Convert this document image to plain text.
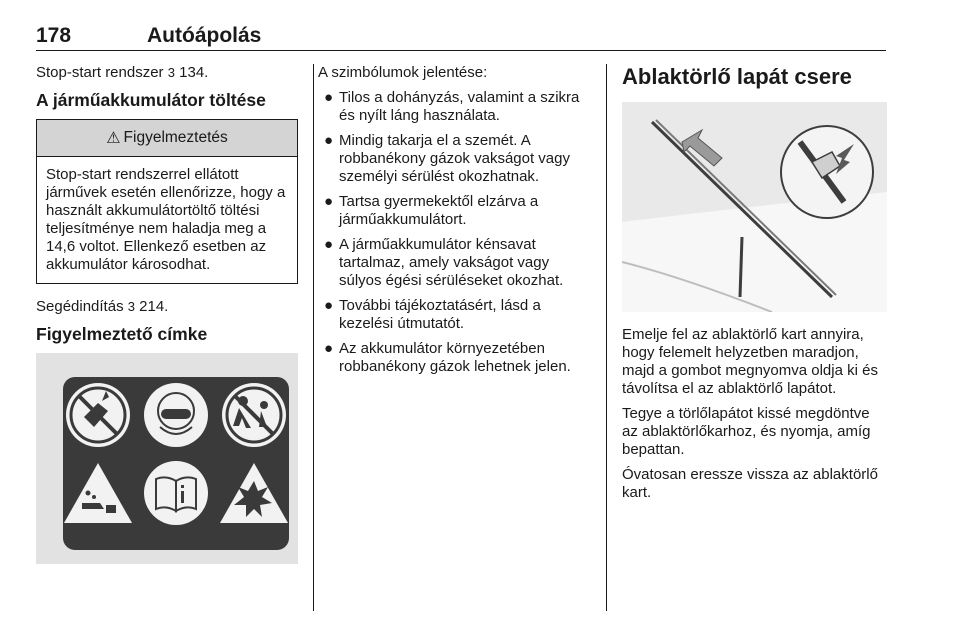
178	Autóápolás

Stop-start rendszer 3 134.

A járműakkumulátor töltése
⚠ Figyelmeztetés
Stop-start rendszerrel ellátott járművek esetén ellenőrizze, hogy a használt akkumulátortöltő töltési teljesítménye nem haladja meg a 14,6 voltot. Ellenkező esetben az akkumulátor károsodhat.

Segédindítás 3 214.

Figyelmeztető címke

A szimbólumok jelentése:

● Tilos a dohányzás, valamint a szikra és nyílt láng használata.
● Mindig takarja el a szemét. A robbanékony gázok vakságot vagy személyi sérülést okozhatnak.
● Tartsa gyermekektől elzárva a járműakkumulátort.
● A járműakkumulátor kénsavat tartalmaz, amely vakságot vagy súlyos égési sérüléseket okozhat.
● További tájékoztatásért, lásd a kezelési útmutatót.
● Az akkumulátor környezetében robbanékony gázok lehetnek jelen.
Ablaktörlő lapát csere

Emelje fel az ablaktörlő kart annyira, hogy felemelt helyzetben maradjon, majd a gombot megnyomva oldja ki és távolítsa el az ablaktörlő lapátot.

Tegye a törlőlapátot kissé megdöntve az ablaktörlőkarhoz, és nyomja, amíg bepattan.

Óvatosan eressze vissza az ablaktörlő kart.
